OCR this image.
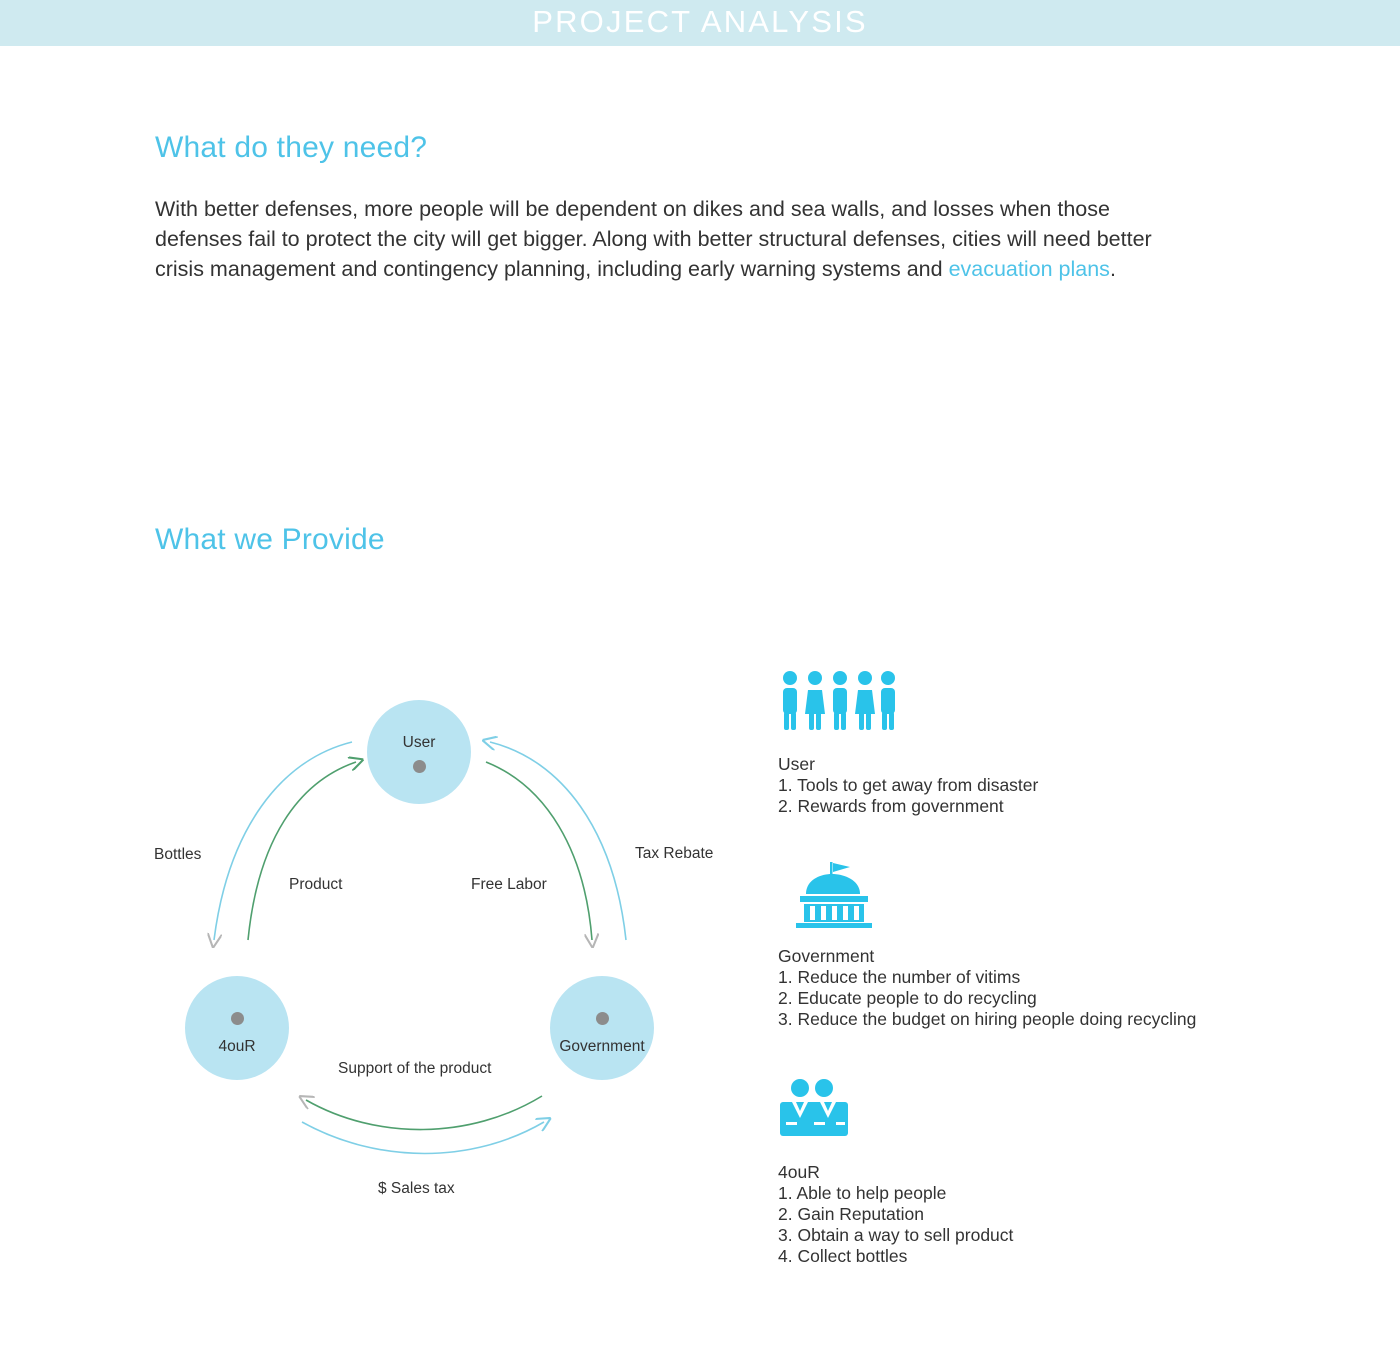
PROJECT ANALYSIS
What do they need?
With better defenses, more people will be dependent on dikes and sea walls, and losses when those defenses fail to protect the city will get bigger. Along with better structural defenses, cities will need better crisis management and contingency planning, including early warning systems and evacuation plans.
What we Provide
User
4ouR	Government
Bottles
Product	Free Labor
Tax Rebate
Support of the product
$ Sales tax
User
1. Tools to get away from disaster
2. Rewards from government
Government
1. Reduce the number of vitims
2. Educate people to do recycling
3. Reduce the budget on hiring people doing recycling
4ouR
1. Able to help people
2. Gain Reputation
3. Obtain a way to sell product
4. Collect bottles
